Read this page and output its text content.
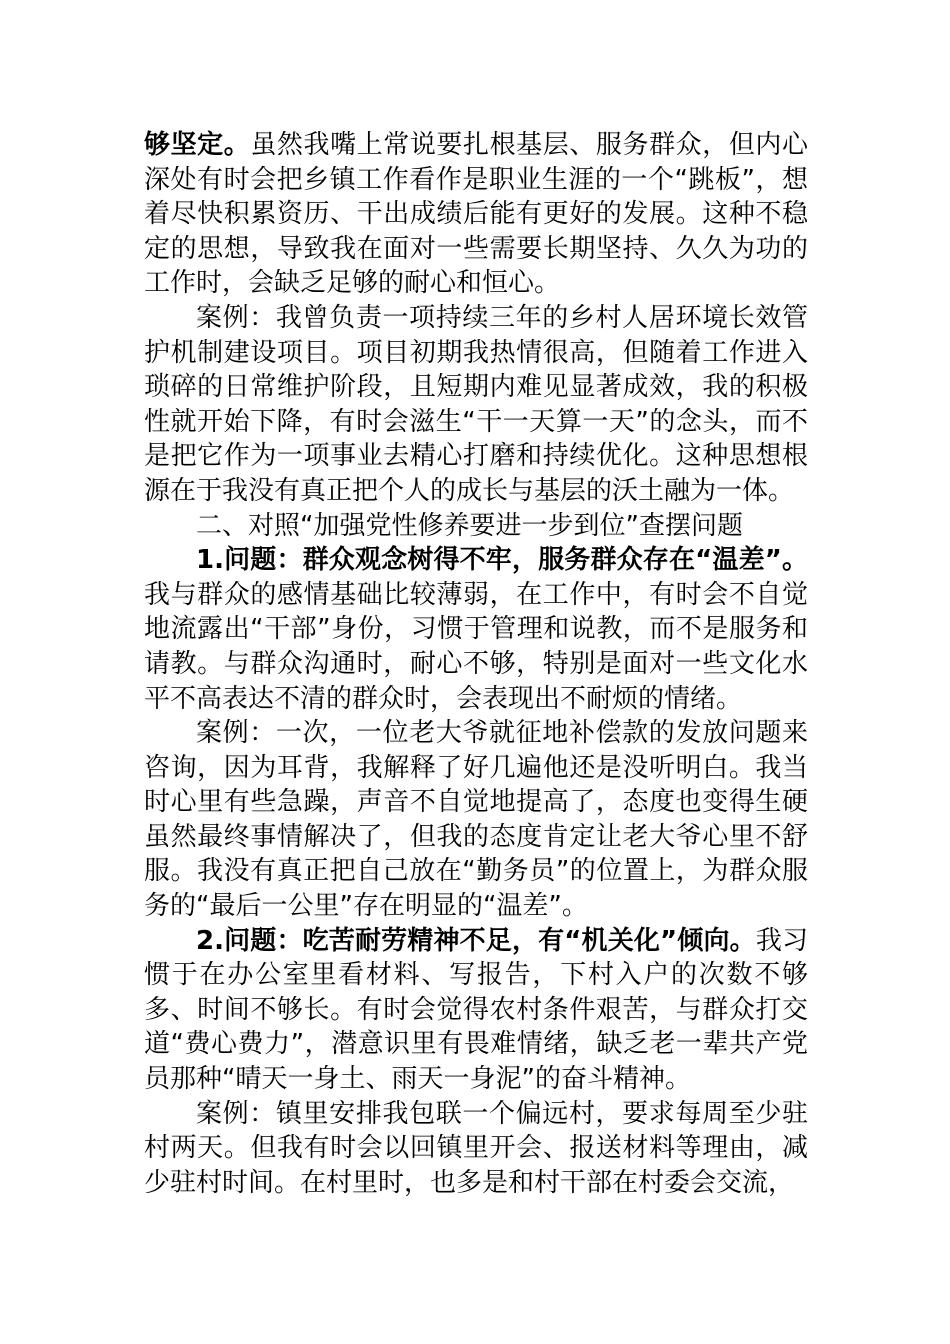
够坚定。虽然我嘴上常说要扎根基层、服务群众，但内心深处有时会把乡镇工作看作是职业生涯的一个“跳板”，想着尽快积累资历、干出成绩后能有更好的发展。这种不稳定的思想，导致我在面对一些需要长期坚持、久久为功的工作时，会缺乏足够的耐心和恒心。

案例：我曾负责一项持续三年的乡村人居环境长效管护机制建设项目。项目初期我热情很高，但随着工作进入琐碎的日常维护阶段，且短期内难见显著成效，我的积极性就开始下降，有时会滋生“干一天算一天”的念头，而不是把它作为一项事业去精心打磨和持续优化。这种思想根源在于我没有真正把个人的成长与基层的沃土融为一体。

二、对照“加强党性修养要进一步到位”查摆问题

1.问题：群众观念树得不牢，服务群众存在“温差”。我与群众的感情基础比较薄弱，在工作中，有时会不自觉地流露出“干部”身份，习惯于管理和说教，而不是服务和请教。与群众沟通时，耐心不够，特别是面对一些文化水平不高表达不清的群众时，会表现出不耐烦的情绪。

案例：一次，一位老大爷就征地补偿款的发放问题来咨询，因为耳背，我解释了好几遍他还是没听明白。我当时心里有些急躁，声音不自觉地提高了，态度也变得生硬虽然最终事情解决了，但我的态度肯定让老大爷心里不舒服。我没有真正把自己放在“勤务员”的位置上，为群众服务的“最后一公里”存在明显的“温差”。

2.问题：吃苦耐劳精神不足，有“机关化”倾向。我习惯于在办公室里看材料、写报告，下村入户的次数不够多、时间不够长。有时会觉得农村条件艰苦，与群众打交道“费心费力”，潜意识里有畏难情绪，缺乏老一辈共产党员那种“晴天一身土、雨天一身泥”的奋斗精神。

案例：镇里安排我包联一个偏远村，要求每周至少驻村两天。但我有时会以回镇里开会、报送材料等理由，减少驻村时间。在村里时，也多是和村干部在村委会交流，
